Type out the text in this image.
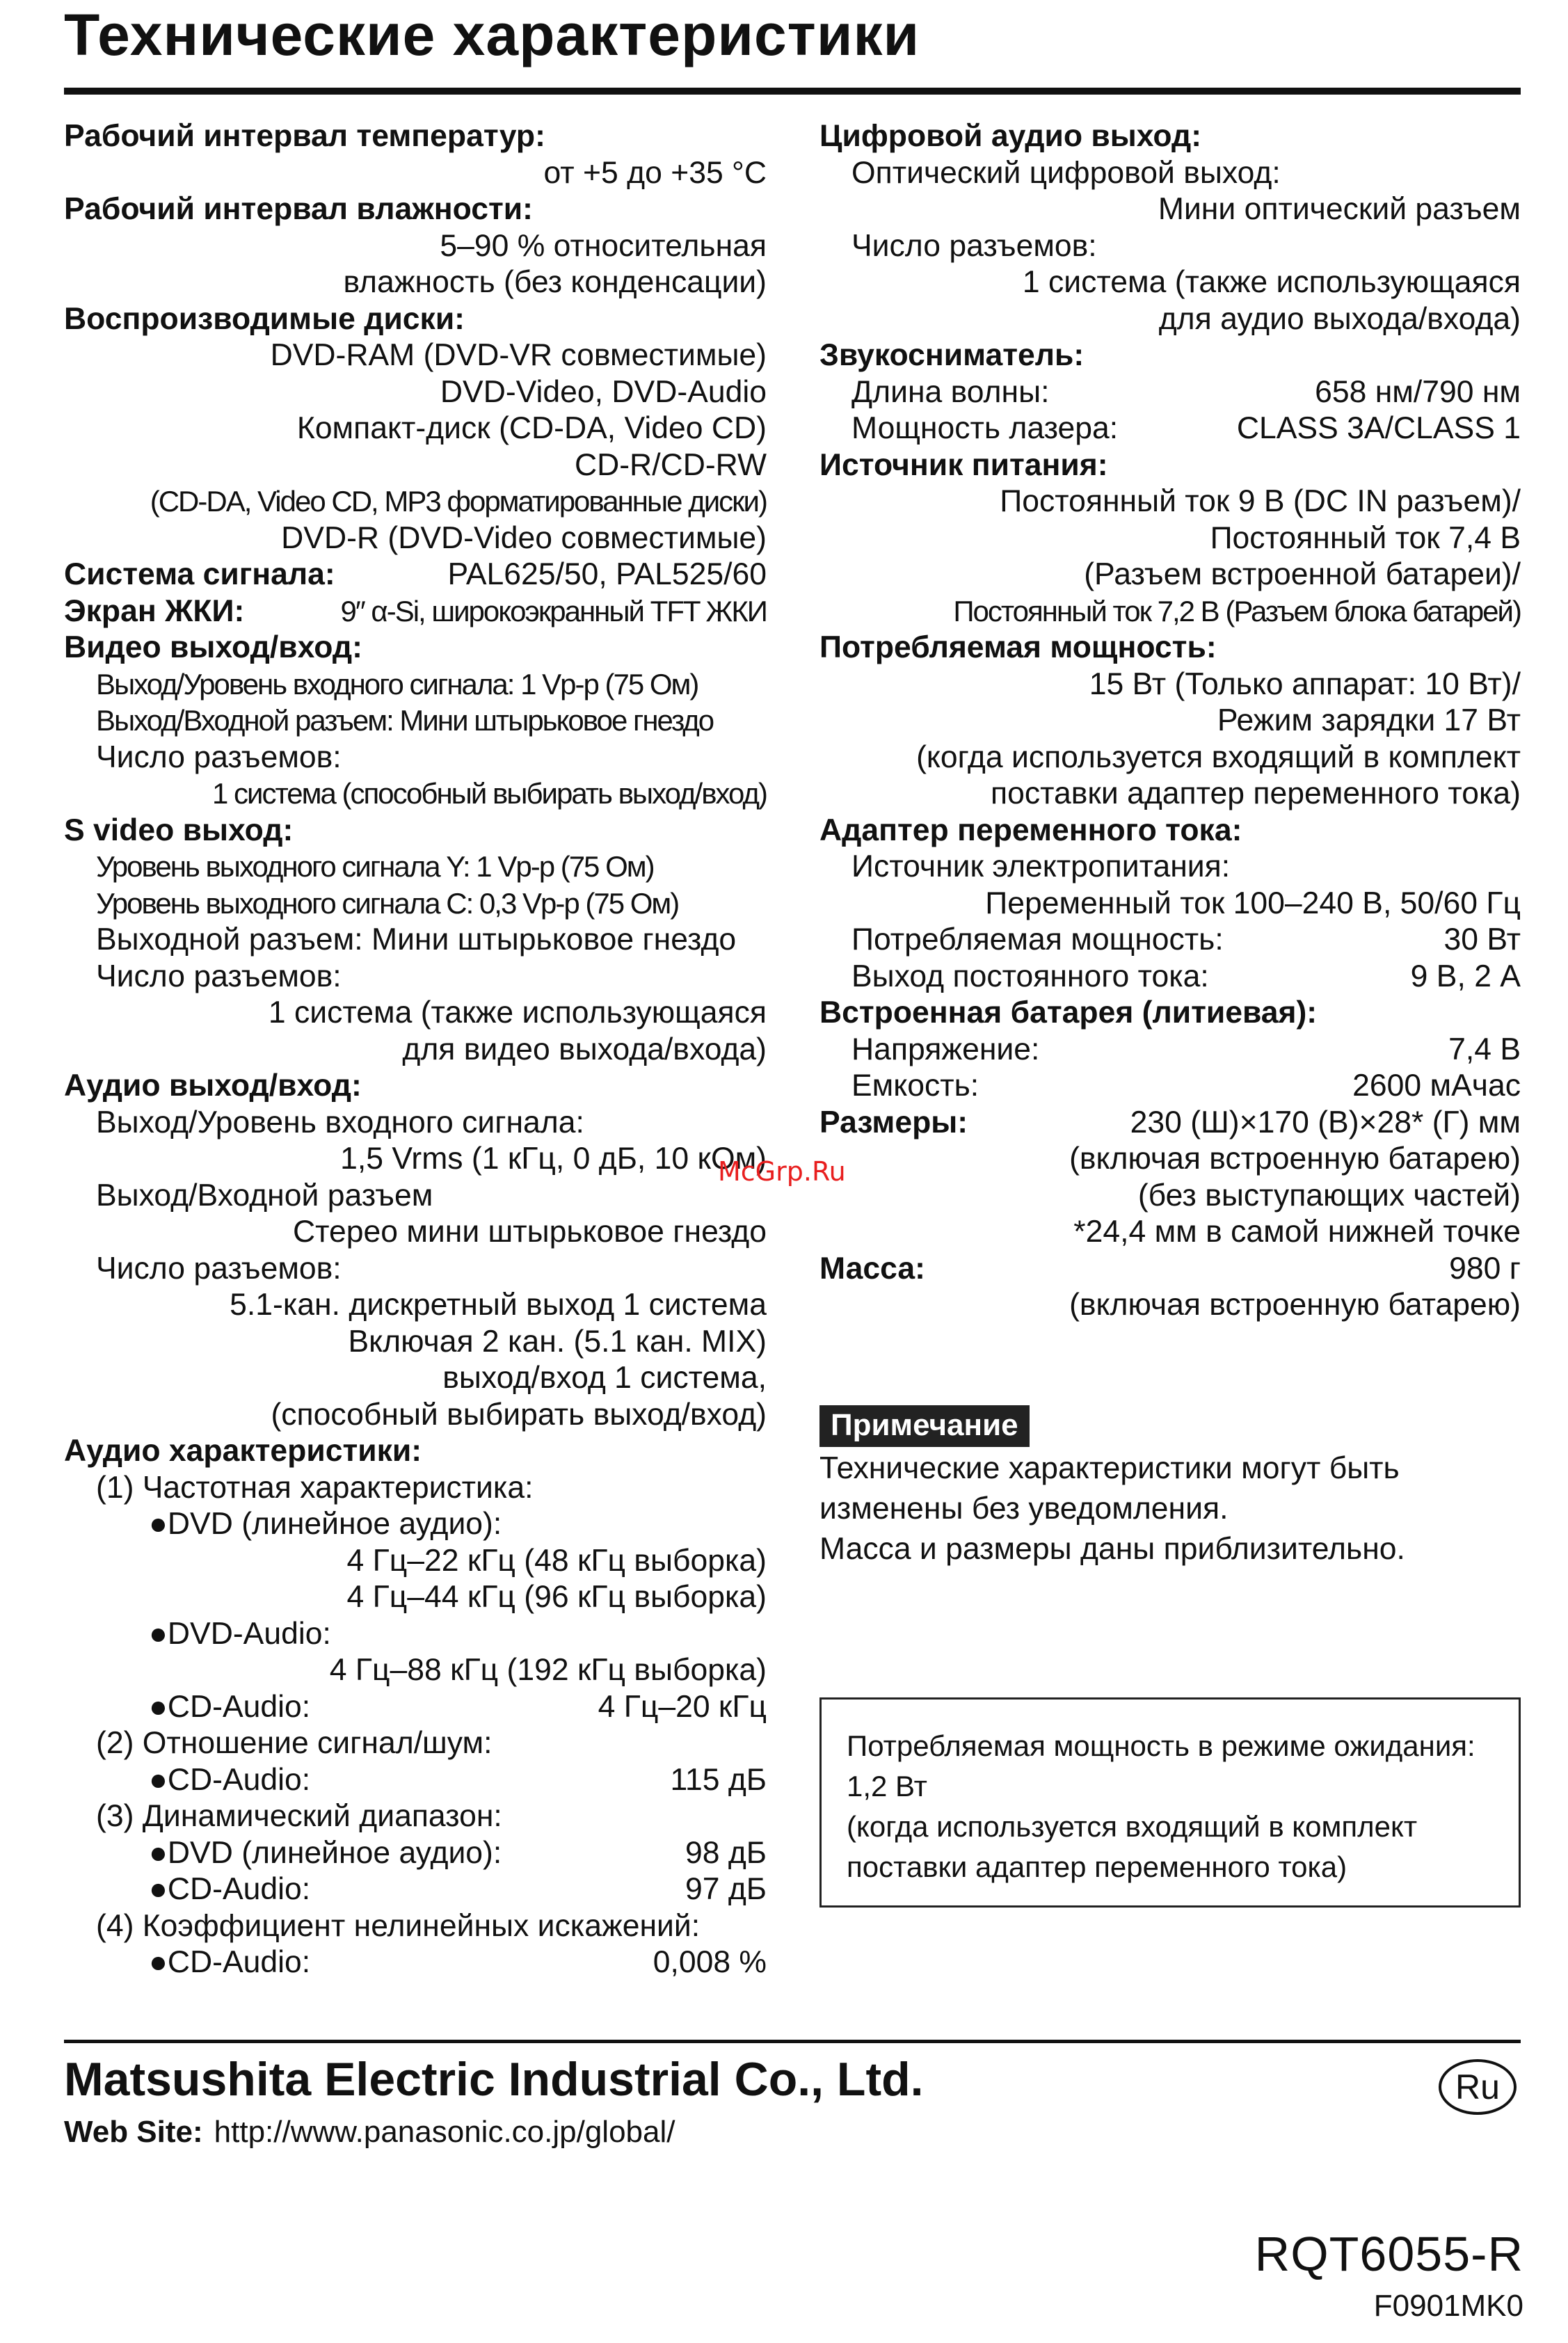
Технические характеристики
Рабочий интервал температур:
от +5 до +35 °C
Рабочий интервал влажности:
5–90 % относительная
влажность (без конденсации)
Воспроизводимые диски:
DVD-RAM (DVD-VR совместимые)
DVD-Video, DVD-Audio
Компакт-диск (CD-DA, Video CD)
CD-R/CD-RW
(CD-DA, Video CD, MP3 форматированные диски)
DVD-R (DVD-Video совместимые)
Система сигнала:	PAL625/50, PAL525/60
Экран ЖКИ:	9″ α-Si, широкоэкранный TFT ЖКИ
Видео выход/вход:
Выход/Уровень входного сигнала: 1 Vp-p (75 Ом)
Выход/Входной разъем: Мини штырьковое гнездо
Число разъемов:
1 система (способный выбирать выход/вход)
S video выход:
Уровень выходного сигнала Y: 1 Vp-p (75 Ом)
Уровень выходного сигнала C: 0,3 Vp-p (75 Ом)
Выходной разъем: Мини штырьковое гнездо
Число разъемов:
1 система (также использующаяся
для видео выхода/входа)
Аудио выход/вход:
Выход/Уровень входного сигнала:
1,5 Vrms (1 кГц, 0 дБ, 10 кОм)
Выход/Входной разъем
Стерео мини штырьковое гнездо
Число разъемов:
5.1-кан. дискретный выход 1 система
Включая 2 кан. (5.1 кан. MIX)
выход/вход 1 система,
(способный выбирать выход/вход)
Аудио характеристики:
(1) Частотная характеристика:
●DVD (линейное аудио):
4 Гц–22 кГц (48 кГц выборка)
4 Гц–44 кГц (96 кГц выборка)
●DVD-Audio:
4 Гц–88 кГц (192 кГц выборка)
●CD-Audio:	4 Гц–20 кГц
(2) Отношение сигнал/шум:
●CD-Audio:	115 дБ
(3) Динамический диапазон:
●DVD (линейное аудио):	98 дБ
●CD-Audio:	97 дБ
(4) Коэффициент нелинейных искажений:
●CD-Audio:	0,008 %
Цифровой аудио выход:
Оптический цифровой выход:
Мини оптический разъем
Число разъемов:
1 система (также использующаяся
для аудио выхода/входа)
Звукосниматель:
Длина волны:	658 нм/790 нм
Мощность лазера:	CLASS 3A/CLASS 1
Источник питания:
Постоянный ток 9 В (DC IN разъем)/
Постоянный ток 7,4 В
(Разъем встроенной батареи)/
Постоянный ток 7,2 В (Разъем блока батарей)
Потребляемая мощность:
15 Вт (Только аппарат: 10 Вт)/
Режим зарядки 17 Вт
(когда используется входящий в комплект
поставки адаптер переменного тока)
Адаптер переменного тока:
Источник электропитания:
Переменный ток 100–240 В, 50/60 Гц
Потребляемая мощность:	30 Вт
Выход постоянного тока:	9 В, 2 А
Встроенная батарея (литиевая):
Напряжение:	7,4 В
Емкость:	2600 мАчас
Размеры:	230 (Ш)×170 (В)×28* (Г) мм
(включая встроенную батарею)
(без выступающих частей)
*24,4 мм в самой нижней точке
Масса:	980 г
(включая встроенную батарею)
McGrp.Ru
Примечание
Технические характеристики могут быть
изменены без уведомления.
Масса и размеры даны приблизительно.
Потребляемая мощность в режиме ожидания:
1,2 Вт
(когда используется входящий в комплект
поставки адаптер переменного тока)
Matsushita Electric Industrial Co., Ltd.
Web Site: http://www.panasonic.co.jp/global/
Ru
RQT6055-R
F0901MK0
